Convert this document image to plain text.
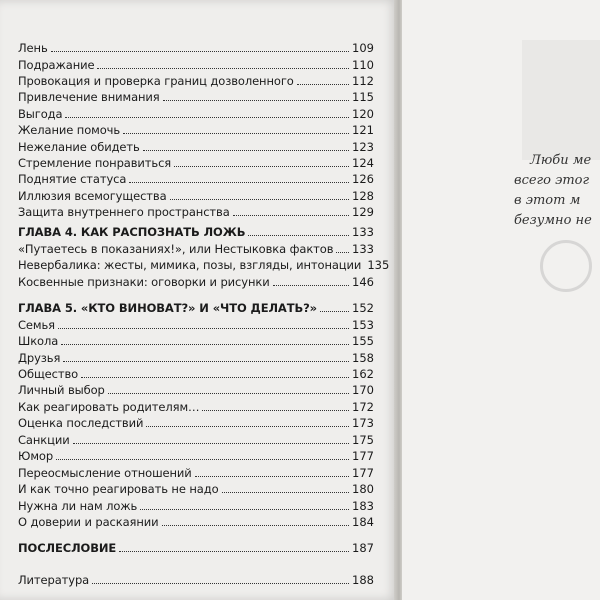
Лень	109
Подражание	110
Провокация и проверка границ дозволенного	112
Привлечение внимания	115
Выгода	120
Желание помочь	121
Нежелание обидеть	123
Стремление понравиться	124
Поднятие статуса	126
Иллюзия всемогущества	128
Защита внутреннего пространства	129
ГЛАВА 4. КАК РАСПОЗНАТЬ ЛОЖЬ	133
«Путаетесь в показаниях!», или Нестыковка фактов 133
Невербалика: жесты, мимика, позы, взгляды, интонации 135
Косвенные признаки: оговорки и рисунки	146
ГЛАВА 5. «КТО ВИНОВАТ?» И «ЧТО ДЕЛАТЬ?»	152
Семья	153
Школа	155
Друзья	158
Общество	162
Личный выбор	170
Как реагировать родителям…	172
Оценка последствий	173
Санкции	175
Юмор	177
Переосмысление отношений	177
И как точно реагировать не надо	180
Нужна ли нам ложь	183
О доверии и раскаянии	184
ПОСЛЕСЛОВИЕ	187
Литература	188
Люби ме
всего этог
в этот м
безумно не
